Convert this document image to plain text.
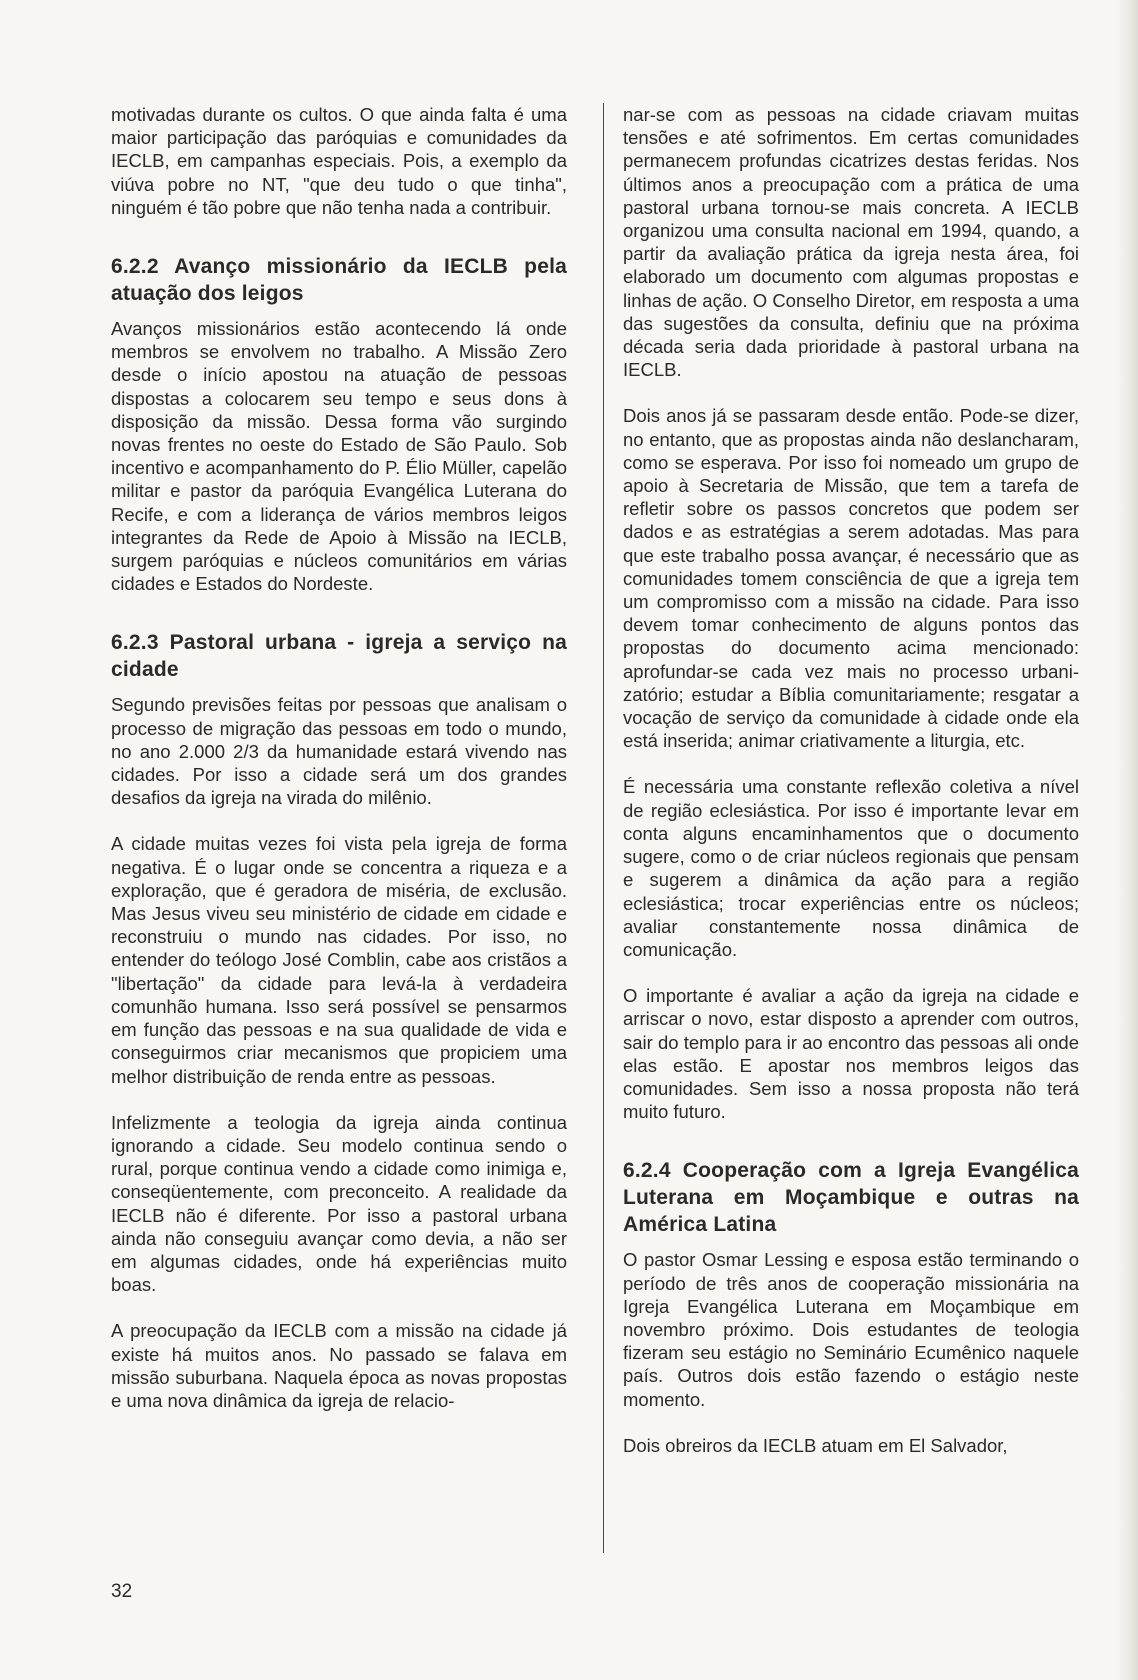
motivadas durante os cultos. O que ainda falta é uma maior participação das paróquias e comunidades da IECLB, em campanhas especiais. Pois, a exemplo da viúva pobre no NT, "que deu tudo o que tinha", ninguém é tão pobre que não tenha nada a contribuir.

6.2.2 Avanço missionário da IECLB pela atuação dos leigos

Avanços missionários estão acontecendo lá onde membros se envolvem no trabalho. A Missão Zero desde o início apostou na atuação de pessoas dispostas a colocarem seu tempo e seus dons à disposição da missão. Dessa forma vão surgindo novas frentes no oeste do Estado de São Paulo. Sob incentivo e acompanhamento do P. Élio Müller, capelão militar e pastor da paróquia Evangélica Luterana do Recife, e com a liderança de vários membros leigos integrantes da Rede de Apoio à Missão na IECLB, surgem paróquias e núcleos comunitários em várias cidades e Estados do Nordeste.

6.2.3 Pastoral urbana - igreja a serviço na cidade

Segundo previsões feitas por pessoas que analisam o processo de migração das pessoas em todo o mundo, no ano 2.000 2/3 da humanidade estará vivendo nas cidades. Por isso a cidade será um dos grandes desafios da igreja na virada do milênio.

A cidade muitas vezes foi vista pela igreja de forma negativa. É o lugar onde se concentra a riqueza e a exploração, que é geradora de miséria, de exclusão. Mas Jesus viveu seu ministério de cidade em cidade e reconstruiu o mundo nas cidades. Por isso, no entender do teólogo José Comblin, cabe aos cristãos a "libertação" da cidade para levá-la à verdadeira comunhão humana. Isso será possível se pensarmos em função das pessoas e na sua qualidade de vida e conseguirmos criar mecanismos que propiciem uma melhor distribuição de renda entre as pessoas.

Infelizmente a teologia da igreja ainda continua ignorando a cidade. Seu modelo continua sendo o rural, porque continua vendo a cidade como inimiga e, conseqüentemente, com preconceito. A realidade da IECLB não é diferente. Por isso a pastoral urbana ainda não conseguiu avançar como devia, a não ser em algumas cidades, onde há experiências muito boas.

A preocupação da IECLB com a missão na cidade já existe há muitos anos. No passado se falava em missão suburbana. Naquela época as novas propostas e uma nova dinâmica da igreja de relacio-

nar-se com as pessoas na cidade criavam muitas tensões e até sofrimentos. Em certas comunidades permanecem profundas cicatrizes destas feridas. Nos últimos anos a preocupação com a prática de uma pastoral urbana tornou-se mais concreta. A IECLB organizou uma consulta nacional em 1994, quando, a partir da avaliação prática da igreja nesta área, foi elaborado um documento com algumas propostas e linhas de ação. O Conselho Diretor, em resposta a uma das sugestões da consulta, definiu que na próxima década seria dada prioridade à pastoral urbana na IECLB.

Dois anos já se passaram desde então. Pode-se dizer, no entanto, que as propostas ainda não deslancharam, como se esperava. Por isso foi nomeado um grupo de apoio à Secretaria de Missão, que tem a tarefa de refletir sobre os passos concretos que podem ser dados e as estratégias a serem adotadas. Mas para que este trabalho possa avançar, é necessário que as comunidades tomem consciência de que a igreja tem um compromisso com a missão na cidade. Para isso devem tomar conhecimento de alguns pontos das propostas do documento acima mencionado: aprofundar-se cada vez mais no processo urbanizatório; estudar a Bíblia comunitariamente; resgatar a vocação de serviço da comunidade à cidade onde ela está inserida; animar criativamente a liturgia, etc.

É necessária uma constante reflexão coletiva a nível de região eclesiástica. Por isso é importante levar em conta alguns encaminhamentos que o documento sugere, como o de criar núcleos regionais que pensam e sugerem a dinâmica da ação para a região eclesiástica; trocar experiências entre os núcleos; avaliar constantemente nossa dinâmica de comunicação.

O importante é avaliar a ação da igreja na cidade e arriscar o novo, estar disposto a aprender com outros, sair do templo para ir ao encontro das pessoas ali onde elas estão. E apostar nos membros leigos das comunidades. Sem isso a nossa proposta não terá muito futuro.

6.2.4 Cooperação com a Igreja Evangélica Luterana em Moçambique e outras na América Latina

O pastor Osmar Lessing e esposa estão terminando o período de três anos de cooperação missionária na Igreja Evangélica Luterana em Moçambique em novembro próximo. Dois estudantes de teologia fizeram seu estágio no Seminário Ecumênico naquele país. Outros dois estão fazendo o estágio neste momento.

Dois obreiros da IECLB atuam em El Salvador,

32
